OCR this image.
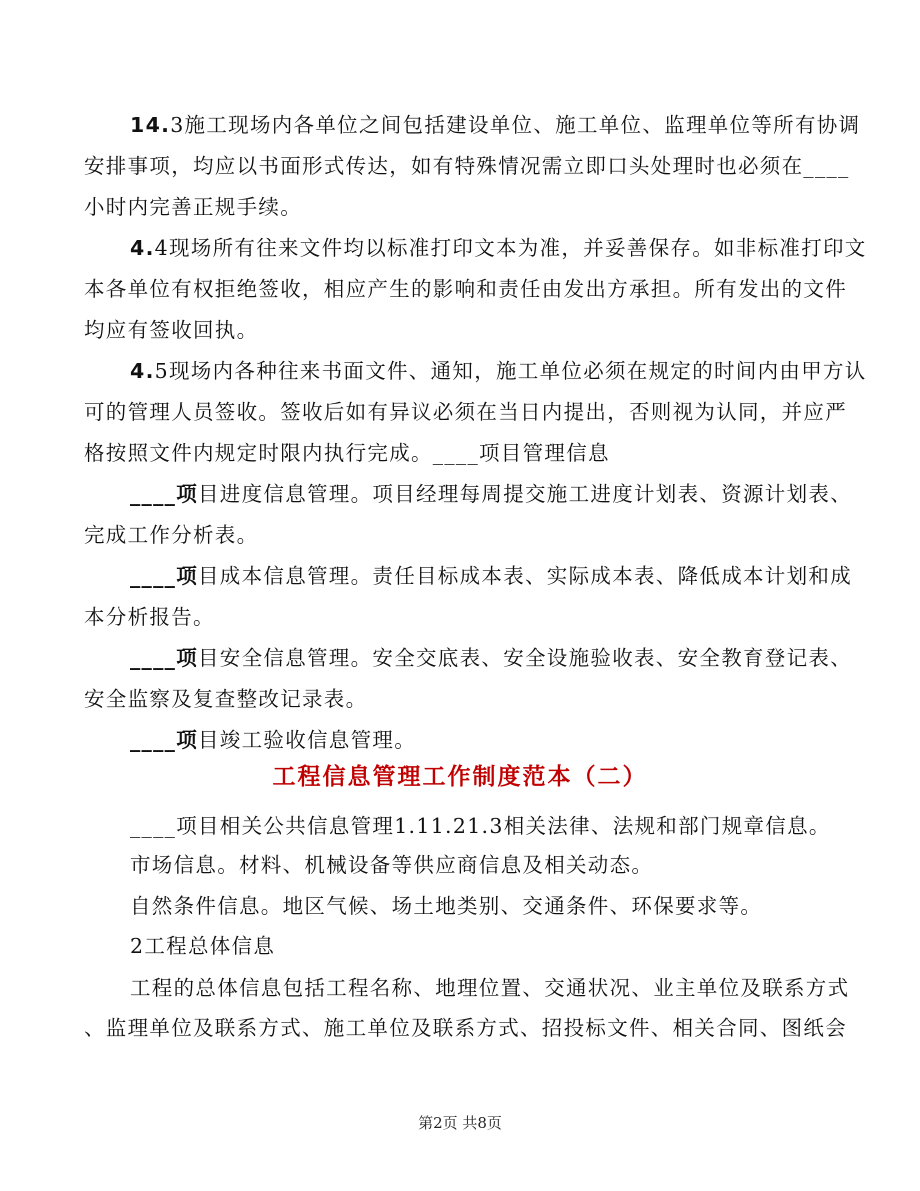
14.3施工现场内各单位之间包括建设单位、施工单位、监理单位等所有协调
安排事项，均应以书面形式传达，如有特殊情况需立即口头处理时也必须在____
小时内完善正规手续。
4.4现场所有往来文件均以标准打印文本为准，并妥善保存。如非标准打印文
本各单位有权拒绝签收，相应产生的影响和责任由发出方承担。所有发出的文件
均应有签收回执。
4.5现场内各种往来书面文件、通知，施工单位必须在规定的时间内由甲方认
可的管理人员签收。签收后如有异议必须在当日内提出，否则视为认同，并应严
格按照文件内规定时限内执行完成。____项目管理信息
____项目进度信息管理。项目经理每周提交施工进度计划表、资源计划表、
完成工作分析表。
____项目成本信息管理。责任目标成本表、实际成本表、降低成本计划和成
本分析报告。
____项目安全信息管理。安全交底表、安全设施验收表、安全教育登记表、
安全监察及复查整改记录表。
____项目竣工验收信息管理。
工程信息管理工作制度范本（二）
____项目相关公共信息管理1.11.21.3相关法律、法规和部门规章信息。
市场信息。材料、机械设备等供应商信息及相关动态。
自然条件信息。地区气候、场土地类别、交通条件、环保要求等。
2工程总体信息
工程的总体信息包括工程名称、地理位置、交通状况、业主单位及联系方式
、监理单位及联系方式、施工单位及联系方式、招投标文件、相关合同、图纸会
第2页 共8页
